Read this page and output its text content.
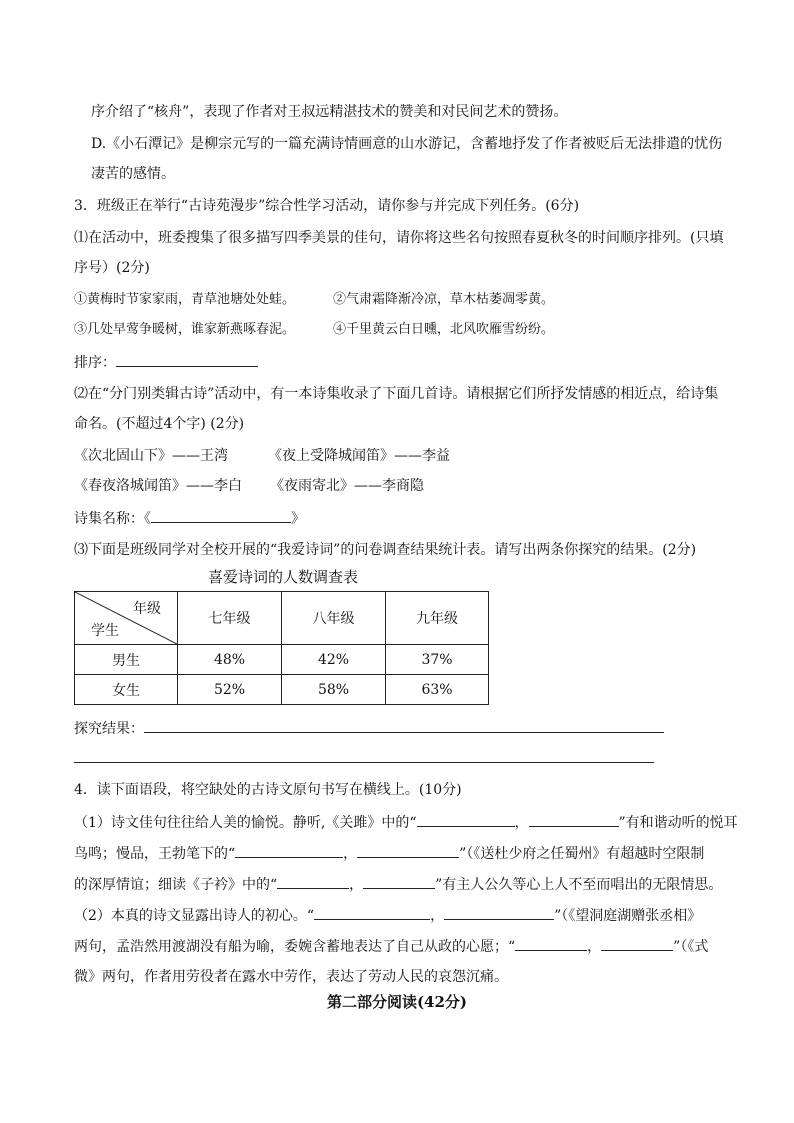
序介绍了“核舟”，表现了作者对王叔远精湛技术的赞美和对民间艺术的赞扬。
D.《小石潭记》是柳宗元写的一篇充满诗情画意的山水游记，含蓄地抒发了作者被贬后无法排遣的忧伤
凄苦的感情。
3．班级正在举行“古诗苑漫步”综合性学习活动，请你参与并完成下列任务。(6分)
⑴在活动中，班委搜集了很多描写四季美景的佳句，请你将这些名句按照春夏秋冬的时间顺序排列。(只填
序号）(2分)
①黄梅时节家家雨，青草池塘处处蛙。	②气肃霜降渐冷凉，草木枯萎凋零黄。
③几处早莺争暖树，谁家新燕啄春泥。	④千里黄云白日曛，北风吹雁雪纷纷。
排序：
⑵在“分门别类辑古诗”活动中，有一本诗集收录了下面几首诗。请根据它们所抒发情感的相近点，给诗集
命名。(不超过4个字) (2分)
《次北固山下》——王湾	《夜上受降城闻笛》——李益
《春夜洛城闻笛》——李白 《夜雨寄北》——李商隐
诗集名称：《	》
⑶下面是班级同学对全校开展的“我爱诗词”的问卷调查结果统计表。请写出两条你探究的结果。(2分)
喜爱诗词的人数调查表
年级
学生	七年级	八年级	九年级
男生	48%	42%	37%
女生	52%	58%	63%
探究结果：
4．读下面语段，将空缺处的古诗文原句书写在横线上。(10分)
（1）诗文佳句往往给人美的愉悦。静听,《关雎》中的“	，	”有和谐动听的悦耳
鸟鸣；慢品，王勃笔下的“	，	”（《送杜少府之任蜀州》有超越时空限制
的深厚情谊；细读《子衿》中的“	，	”有主人公久等心上人不至而唱出的无限情思。
（2）本真的诗文显露出诗人的初心。“	，	”（《望洞庭湖赠张丞相》
两句，孟浩然用渡湖没有船为喻，委婉含蓄地表达了自己从政的心愿；“	，	”（《式
微》两句，作者用劳役者在露水中劳作，表达了劳动人民的哀怨沉痛。
第二部分阅读(42分)
